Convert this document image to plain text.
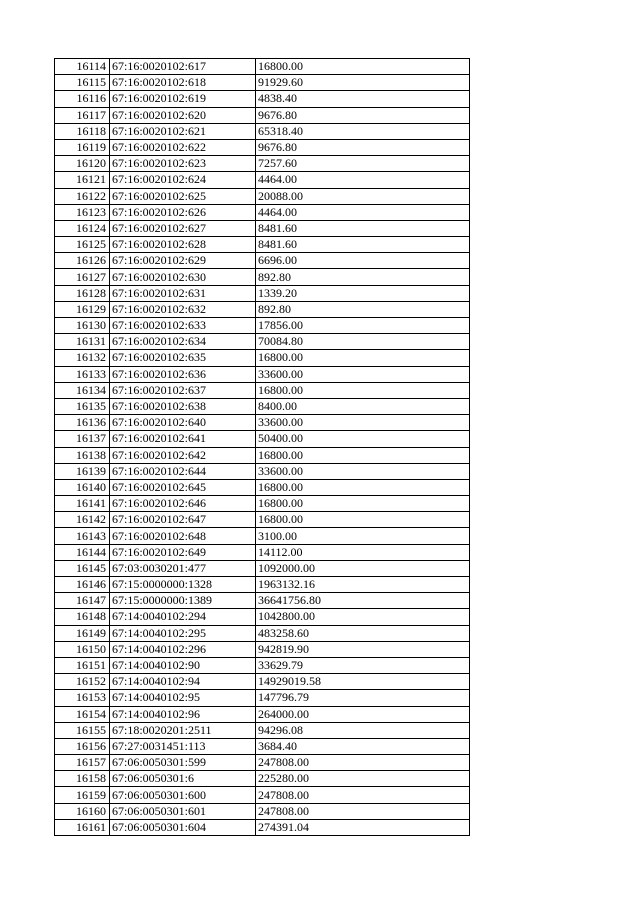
16114	67:16:0020102:617	16800.00
16115	67:16:0020102:618	91929.60
16116	67:16:0020102:619	4838.40
16117	67:16:0020102:620	9676.80
16118	67:16:0020102:621	65318.40
16119	67:16:0020102:622	9676.80
16120	67:16:0020102:623	7257.60
16121	67:16:0020102:624	4464.00
16122	67:16:0020102:625	20088.00
16123	67:16:0020102:626	4464.00
16124	67:16:0020102:627	8481.60
16125	67:16:0020102:628	8481.60
16126	67:16:0020102:629	6696.00
16127	67:16:0020102:630	892.80
16128	67:16:0020102:631	1339.20
16129	67:16:0020102:632	892.80
16130	67:16:0020102:633	17856.00
16131	67:16:0020102:634	70084.80
16132	67:16:0020102:635	16800.00
16133	67:16:0020102:636	33600.00
16134	67:16:0020102:637	16800.00
16135	67:16:0020102:638	8400.00
16136	67:16:0020102:640	33600.00
16137	67:16:0020102:641	50400.00
16138	67:16:0020102:642	16800.00
16139	67:16:0020102:644	33600.00
16140	67:16:0020102:645	16800.00
16141	67:16:0020102:646	16800.00
16142	67:16:0020102:647	16800.00
16143	67:16:0020102:648	3100.00
16144	67:16:0020102:649	14112.00
16145	67:03:0030201:477	1092000.00
16146	67:15:0000000:1328	1963132.16
16147	67:15:0000000:1389	36641756.80
16148	67:14:0040102:294	1042800.00
16149	67:14:0040102:295	483258.60
16150	67:14:0040102:296	942819.90
16151	67:14:0040102:90	33629.79
16152	67:14:0040102:94	14929019.58
16153	67:14:0040102:95	147796.79
16154	67:14:0040102:96	264000.00
16155	67:18:0020201:2511	94296.08
16156	67:27:0031451:113	3684.40
16157	67:06:0050301:599	247808.00
16158	67:06:0050301:6	225280.00
16159	67:06:0050301:600	247808.00
16160	67:06:0050301:601	247808.00
16161	67:06:0050301:604	274391.04
